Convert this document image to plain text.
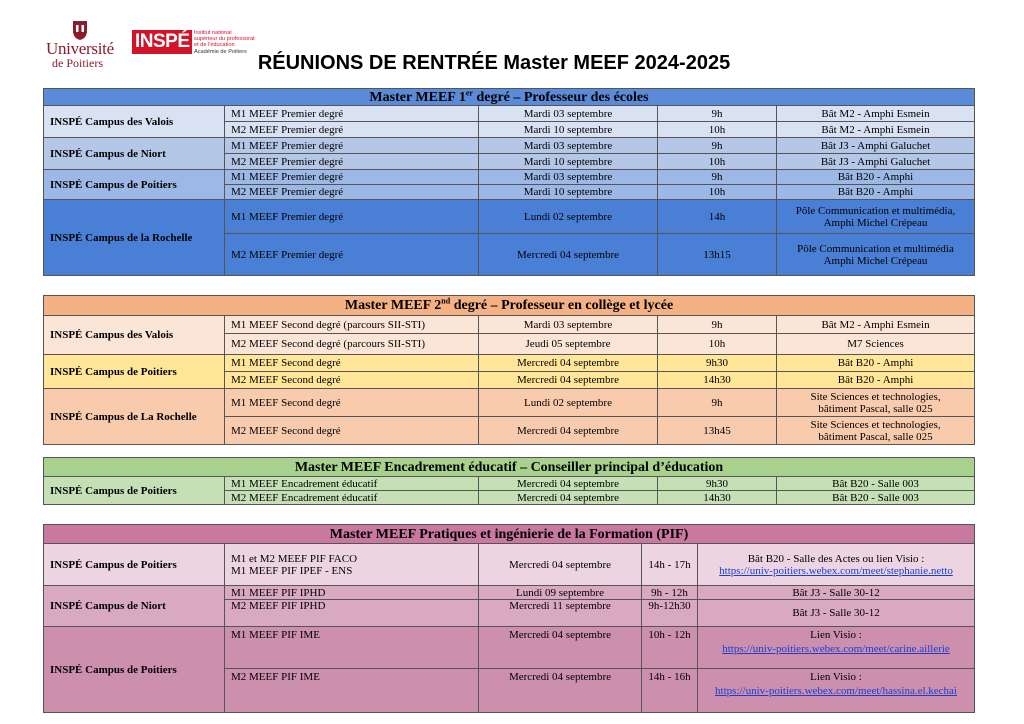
Université
de Poitiers
INSPÉ Institut national
supérieur du professorat
et de l'éducation
Académie de Poitiers
RÉUNIONS DE RENTRÉE Master MEEF 2024-2025
Master MEEF 1er degré – Professeur des écoles				
INSPÉ Campus des Valois	M1 MEEF Premier degré	Mardi 03 septembre	9h	Bât M2 - Amphi Esmein
	M2 MEEF Premier degré	Mardi 10 septembre	10h	Bât M2 - Amphi Esmein
INSPÉ Campus de Niort	M1 MEEF Premier degré	Mardi 03 septembre	9h	Bât J3 - Amphi Galuchet
	M2 MEEF Premier degré	Mardi 10 septembre	10h	Bât J3 - Amphi Galuchet
INSPÉ Campus de Poitiers	M1 MEEF Premier degré	Mardi 03 septembre	9h	Bât B20 - Amphi
	M2 MEEF Premier degré	Mardi 10 septembre	10h	Bât B20 - Amphi
INSPÉ Campus de la Rochelle	M1 MEEF Premier degré	Lundi 02 septembre	14h	Pôle Communication et multimédia,
Amphi Michel Crépeau

	M2 MEEF Premier degré	Mercredi 04 septembre	13h15	Pôle Communication et multimédia
Amphi Michel Crépeau
Master MEEF 2nd degré – Professeur en collège et lycée				
INSPÉ Campus des Valois	M1 MEEF Second degré (parcours SII-STI)	Mardi 03 septembre	9h	Bât M2 - Amphi Esmein
	M2 MEEF Second degré (parcours SII-STI)	Jeudi 05 septembre	10h	M7 Sciences
INSPÉ Campus de Poitiers	M1 MEEF Second degré	Mercredi 04 septembre	9h30	Bât B20 - Amphi
	M2 MEEF Second degré	Mercredi 04 septembre	14h30	Bât B20 - Amphi
INSPÉ Campus de La Rochelle	M1 MEEF Second degré	Lundi 02 septembre	9h	Site Sciences et technologies,
bâtiment Pascal, salle 025

	M2 MEEF Second degré	Mercredi 04 septembre	13h45	Site Sciences et technologies,
bâtiment Pascal, salle 025
Master MEEF Encadrement éducatif – Conseiller principal d’éducation				
INSPÉ Campus de Poitiers	M1 MEEF Encadrement éducatif	Mercredi 04 septembre	9h30	Bât B20 - Salle 003
	M2 MEEF Encadrement éducatif	Mercredi 04 septembre	14h30	Bât B20 - Salle 003
Master MEEF Pratiques et ingénierie de la Formation (PIF)				
INSPÉ Campus de Poitiers	M1 et M2 MEEF PIF FACO
M1 MEEF PIF IPEF - ENS	Mercredi 04 septembre	14h - 17h	Bât B20 - Salle des Actes ou lien Visio :
https://univ-poitiers.webex.com/meet/stephanie.netto

INSPÉ Campus de Niort	M1 MEEF PIF IPHD	Lundi 09 septembre	9h - 12h	Bât J3 - Salle 30-12
	M2 MEEF PIF IPHD	Mercredi 11 septembre	9h-12h30	Bât J3 - Salle 30-12
INSPÉ Campus de Poitiers	M1 MEEF PIF IME	Mercredi 04 septembre	10h - 12h	Lien Visio :
https://univ-poitiers.webex.com/meet/carine.aillerie

	M2 MEEF PIF IME	Mercredi 04 septembre	14h - 16h	Lien Visio :
https://univ-poitiers.webex.com/meet/hassina.el.kechai
